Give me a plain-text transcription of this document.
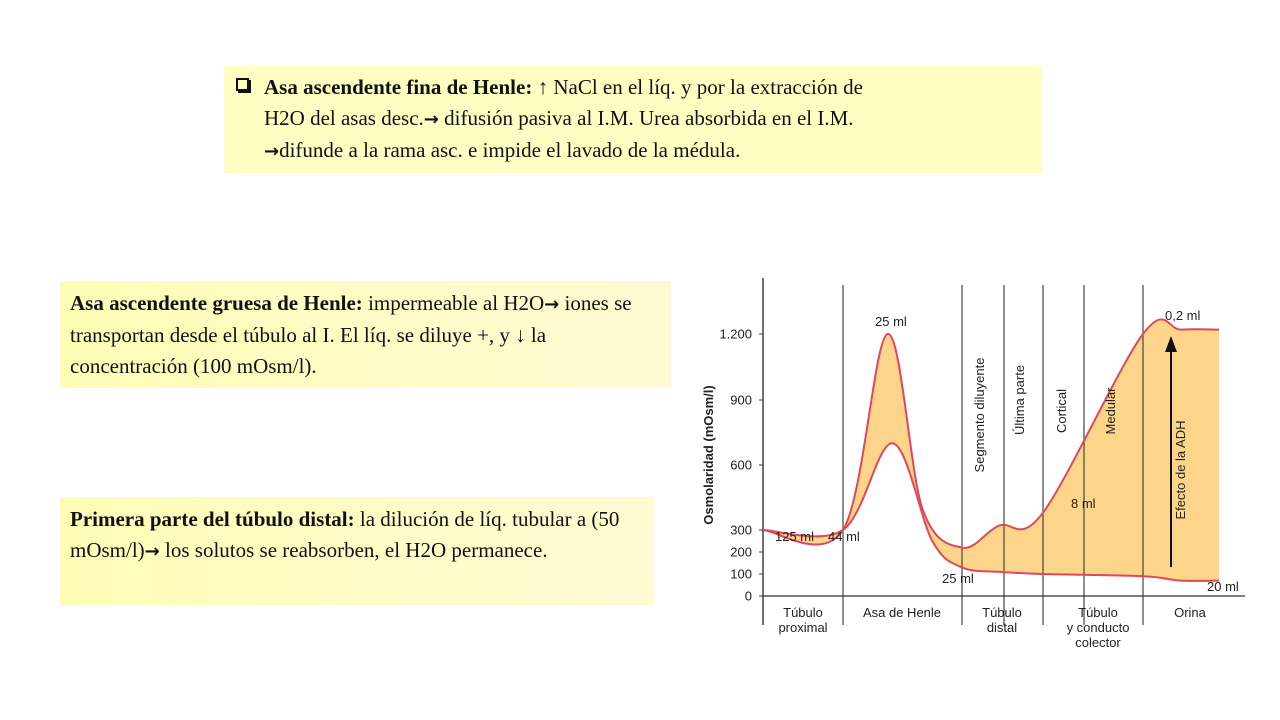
Asa ascendente fina de Henle: ↑ NaCl en el líq. y por la extracción de
H2O del asas desc.→ difusión pasiva al I.M. Urea absorbida en el I.M.
→difunde a la rama asc. e impide el lavado de la médula.
Asa ascendente gruesa de Henle: impermeable al H2O→ iones se transportan desde el túbulo al I. El líq. se diluye +, y ↓ la concentración (100 mOsm/l).
Primera parte del túbulo distal: la dilución de líq. tubular a (50 mOsm/l)→ los solutos se reabsorben, el H2O permanece.
0
100
200
300
600
900
1.200
Osmolaridad (mOsm/l)
Túbulo
proximal
Asa de Henle	Túbulo
distal
Túbulo
y conducto
colector
Orina
Segmento diluyente Última parte Cortical	Medular
125 ml 44 ml
25 ml
25 ml
8 ml
0,2 ml
20 ml
Efecto de la ADH
